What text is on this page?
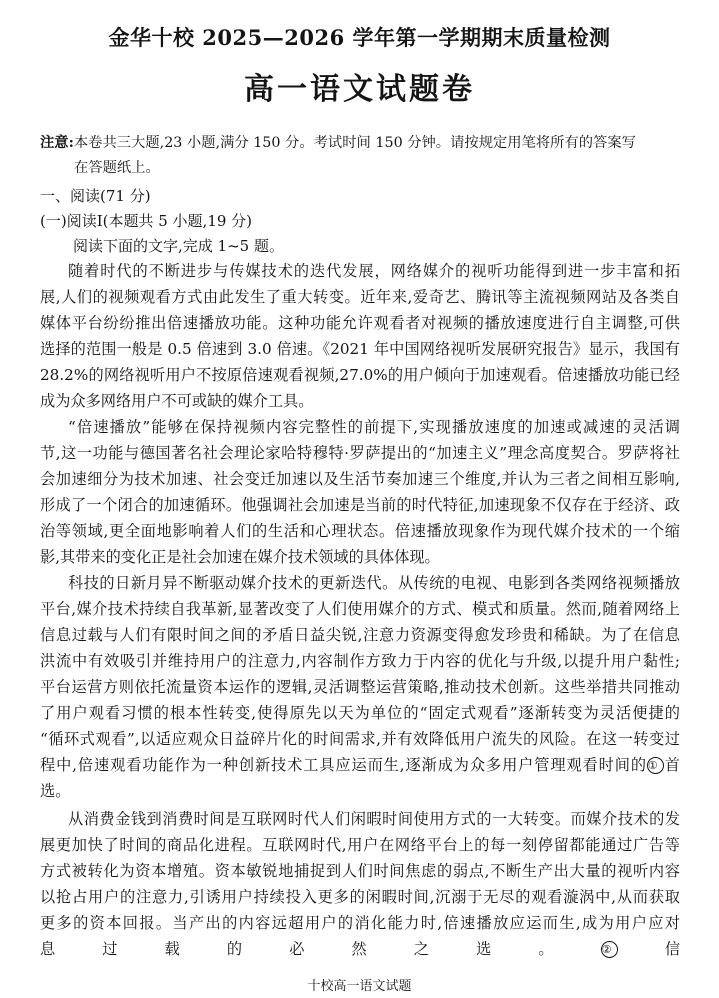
金华十校 2025—2026 学年第一学期期末质量检测
高一语文试题卷
注意:本卷共三大题,23 小题,满分 150 分。考试时间 150 分钟。请按规定用笔将所有的答案写
在答题纸上。
一、阅读(71 分)
(一)阅读Ⅰ(本题共 5 小题,19 分)
阅读下面的文字,完成 1~5 题。
随着时代的不断进步与传媒技术的迭代发展，网络媒介的视听功能得到进一步丰富和拓
展,人们的视频观看方式由此发生了重大转变。近年来,爱奇艺、腾讯等主流视频网站及各类自
媒体平台纷纷推出倍速播放功能。这种功能允许观看者对视频的播放速度进行自主调整,可供
选择的范围一般是 0.5 倍速到 3.0 倍速。《2021 年中国网络视听发展研究报告》显示，我国有
28.2%的网络视听用户不按原倍速观看视频,27.0%的用户倾向于加速观看。倍速播放功能已经
成为众多网络用户不可或缺的媒介工具。
“倍速播放”能够在保持视频内容完整性的前提下,实现播放速度的加速或减速的灵活调
节,这一功能与德国著名社会理论家哈特穆特·罗萨提出的“加速主义”理念高度契合。罗萨将社
会加速细分为技术加速、社会变迁加速以及生活节奏加速三个维度,并认为三者之间相互影响,
形成了一个闭合的加速循环。他强调社会加速是当前的时代特征,加速现象不仅存在于经济、政
治等领域,更全面地影响着人们的生活和心理状态。倍速播放现象作为现代媒介技术的一个缩
影,其带来的变化正是社会加速在媒介技术领域的具体体现。
科技的日新月异不断驱动媒介技术的更新迭代。从传统的电视、电影到各类网络视频播放
平台,媒介技术持续自我革新,显著改变了人们使用媒介的方式、模式和质量。然而,随着网络上
信息过载与人们有限时间之间的矛盾日益尖锐,注意力资源变得愈发珍贵和稀缺。为了在信息
洪流中有效吸引并维持用户的注意力,内容制作方致力于内容的优化与升级,以提升用户黏性;
平台运营方则依托流量资本运作的逻辑,灵活调整运营策略,推动技术创新。这些举措共同推动
了用户观看习惯的根本性转变,使得原先以天为单位的“固定式观看”逐渐转变为灵活便捷的
“循环式观看”,以适应观众日益碎片化的时间需求,并有效降低用户流失的风险。在这一转变过
程中,倍速观看功能作为一种创新技术工具应运而生,逐渐成为众多用户管理观看时间的① 首
选。
从消费金钱到消费时间是互联网时代人们闲暇时间使用方式的一大转变。而媒介技术的发
展更加快了时间的商品化进程。互联网时代,用户在网络平台上的每一刻停留都能通过广告等
方式被转化为资本增殖。资本敏锐地捕捉到人们时间焦虑的弱点,不断生产出大量的视听内容
以抢占用户的注意力,引诱用户持续投入更多的闲暇时间,沉溺于无尽的观看漩涡中,从而获取
更多的资本回报。当产出的内容远超用户的消化能力时,倍速播放应运而生,成为用户应对
息过载的必然之选。② 信
十校高一语文试题
